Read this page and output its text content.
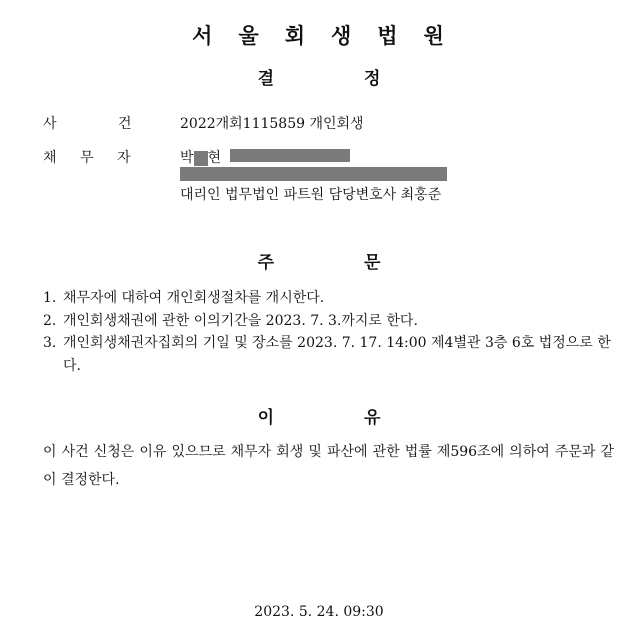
서 울 회 생 법 원
결	정
사	건	2022개회1115859 개인회생
채 무 자	박 현
대리인 법무법인 파트원 담당변호사 최홍준
주	문
1. 채무자에 대하여 개인회생절차를 개시한다.
2. 개인회생채권에 관한 이의기간을 2023. 7. 3.까지로 한다.
3. 개인회생채권자집회의 기일 및 장소를 2023. 7. 17. 14:00 제4별관 3층 6호 법정으로 한다.
이	유
이 사건 신청은 이유 있으므로 채무자 회생 및 파산에 관한 법률 제596조에 의하여 주문과 같이 결정한다.
2023. 5. 24. 09:30
